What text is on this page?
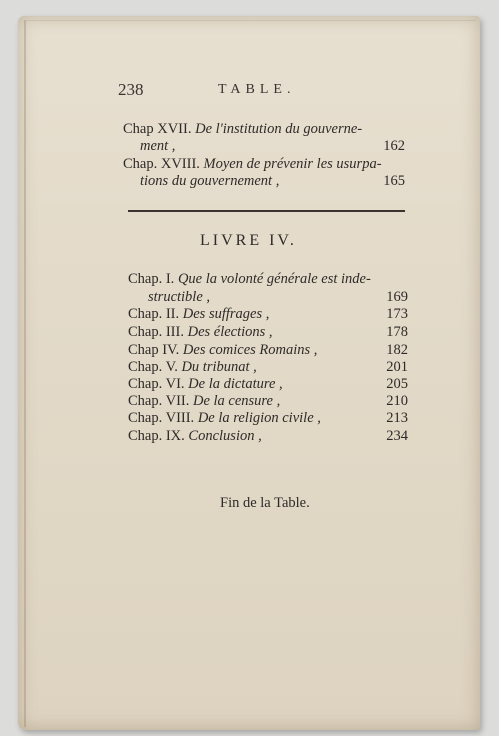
238	TABLE.
Chap XVII. De l'institution du gouverne-
ment ,	162
Chap. XVIII. Moyen de prévenir les usurpa-
tions du gouvernement ,	165
LIVRE IV.
Chap. I. Que la volonté générale est inde-
structible ,	169
Chap. II. Des suffrages ,	173
Chap. III. Des élections ,	178
Chap IV. Des comices Romains ,	182
Chap. V. Du tribunat ,	201
Chap. VI. De la dictature ,	205
Chap. VII. De la censure ,	210
Chap. VIII. De la religion civile ,	213
Chap. IX. Conclusion ,	234
Fin de la Table.
